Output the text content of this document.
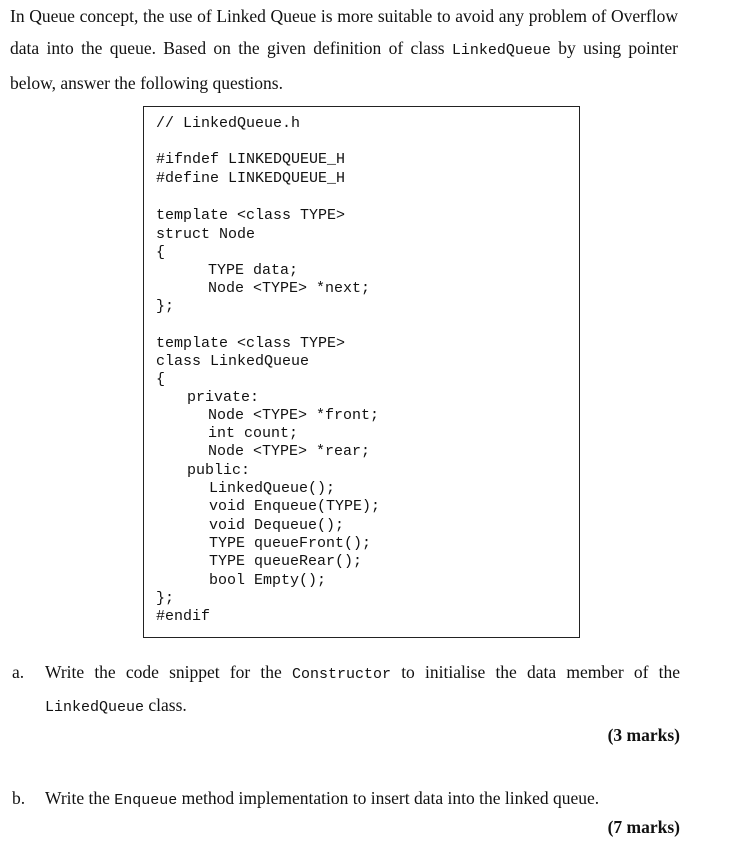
In Queue concept, the use of Linked Queue is more suitable to avoid any problem of Overflow data into the queue. Based on the given definition of class LinkedQueue by using pointer below, answer the following questions.

// LinkedQueue.h
#ifndef LINKEDQUEUE_H
#define LINKEDQUEUE_H
template <class TYPE>
struct Node
{
TYPE data;
Node <TYPE> *next;
};
template <class TYPE>
class LinkedQueue
{
private:
Node <TYPE> *front;
int count;
Node <TYPE> *rear;
public:
LinkedQueue();
void Enqueue(TYPE);
void Dequeue();
TYPE queueFront();
TYPE queueRear();
bool Empty();
};
#endif
a. Write the code snippet for the Constructor to initialise the data member of the
LinkedQueue class.
(3 marks)
b. Write the Enqueue method implementation to insert data into the linked queue.
(7 marks)
